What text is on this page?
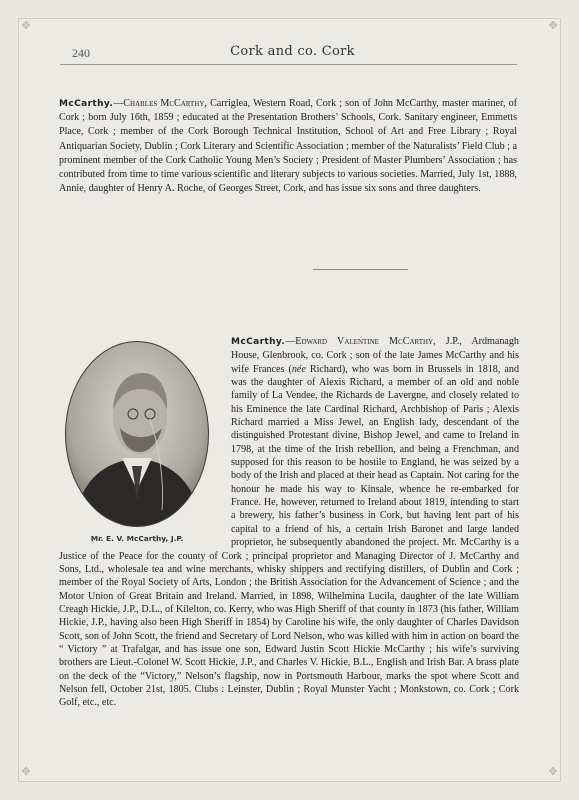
✥	✥
✥	✥
240	Cork and co. Cork
McCarthy.—Charles McCarthy, Carriglea, Western Road, Cork ; son of John McCarthy, master mariner, of Cork ; born July 16th, 1859 ; educated at the Presentation Brothers’ Schools, Cork. Sanitary engineer, Emmetts Place, Cork ; member of the Cork Borough Technical Institution, School of Art and Free Library ; Royal Antiquarian Society, Dublin ; Cork Literary and Scientific Association ; member of the Naturalists’ Field Club ; a prominent member of the Cork Catholic Young Men’s Society ; President of Master Plumbers’ Association ; has contributed from time to time various scientific and literary subjects to various societies. Married, July 1st, 1888, Annie, daughter of Henry A. Roche, of Georges Street, Cork, and has issue six sons and three daughters.
Mr. E. V. McCarthy, J.P.

McCarthy.—Edward Valentine McCarthy, J.P., Ardmanagh House, Glenbrook, co. Cork ; son of the late James McCarthy and his wife Frances (née Richard), who was born in Brussels in 1818, and was the daughter of Alexis Richard, a member of an old and noble family of La Vendee, the Richards de Lavergne, and closely related to his Eminence the late Cardinal Richard, Archbishop of Paris ; Alexis Richard married a Miss Jewel, an English lady, descendant of the distinguished Protestant divine, Bishop Jewel, and came to Ireland in 1798, at the time of the Irish rebellion, and being a Frenchman, and supposed for this reason to be hostile to England, he was seized by a body of the Irish and placed at their head as Captain. Not caring for the honour he made his way to Kinsale, whence he re-embarked for France. He, however, returned to Ireland about 1819, intending to start a brewery, his father’s business in Cork, but having lent part of his capital to a friend of his, a certain Irish Baronet and large landed proprietor, he subsequently abandoned the project. Mr. McCarthy is a Justice of the Peace for the county of Cork ; principal proprietor and Managing Director of J. McCarthy and Sons, Ltd., wholesale tea and wine merchants, whisky shippers and rectifying distillers, of Dublin and Cork ; member of the Royal Society of Arts, London ; the British Association for the Advancement of Science ; and the Motor Union of Great Britain and Ireland. Married, in 1898, Wilhelmina Lucila, daughter of the late William Creagh Hickie, J.P., D.L., of Kilelton, co. Kerry, who was High Sheriff of that county in 1873 (his father, William Hickie, J.P., having also been High Sheriff in 1854) by Caroline his wife, the only daughter of Charles Davidson Scott, son of John Scott, the friend and Secretary of Lord Nelson, who was killed with him in action on board the “ Victory ” at Trafalgar, and has issue one son, Edward Justin Scott Hickie McCarthy ; his wife’s surviving brothers are Lieut.-Colonel W. Scott Hickie, J.P., and Charles V. Hickie, B.L., English and Irish Bar. A brass plate on the deck of the “Victory,” Nelson’s flagship, now in Portsmouth Harbour, marks the spot where Scott and Nelson fell, October 21st, 1805. Clubs : Leinster, Dublin ; Royal Munster Yacht ; Monkstown, co. Cork ; Cork Golf, etc., etc.
